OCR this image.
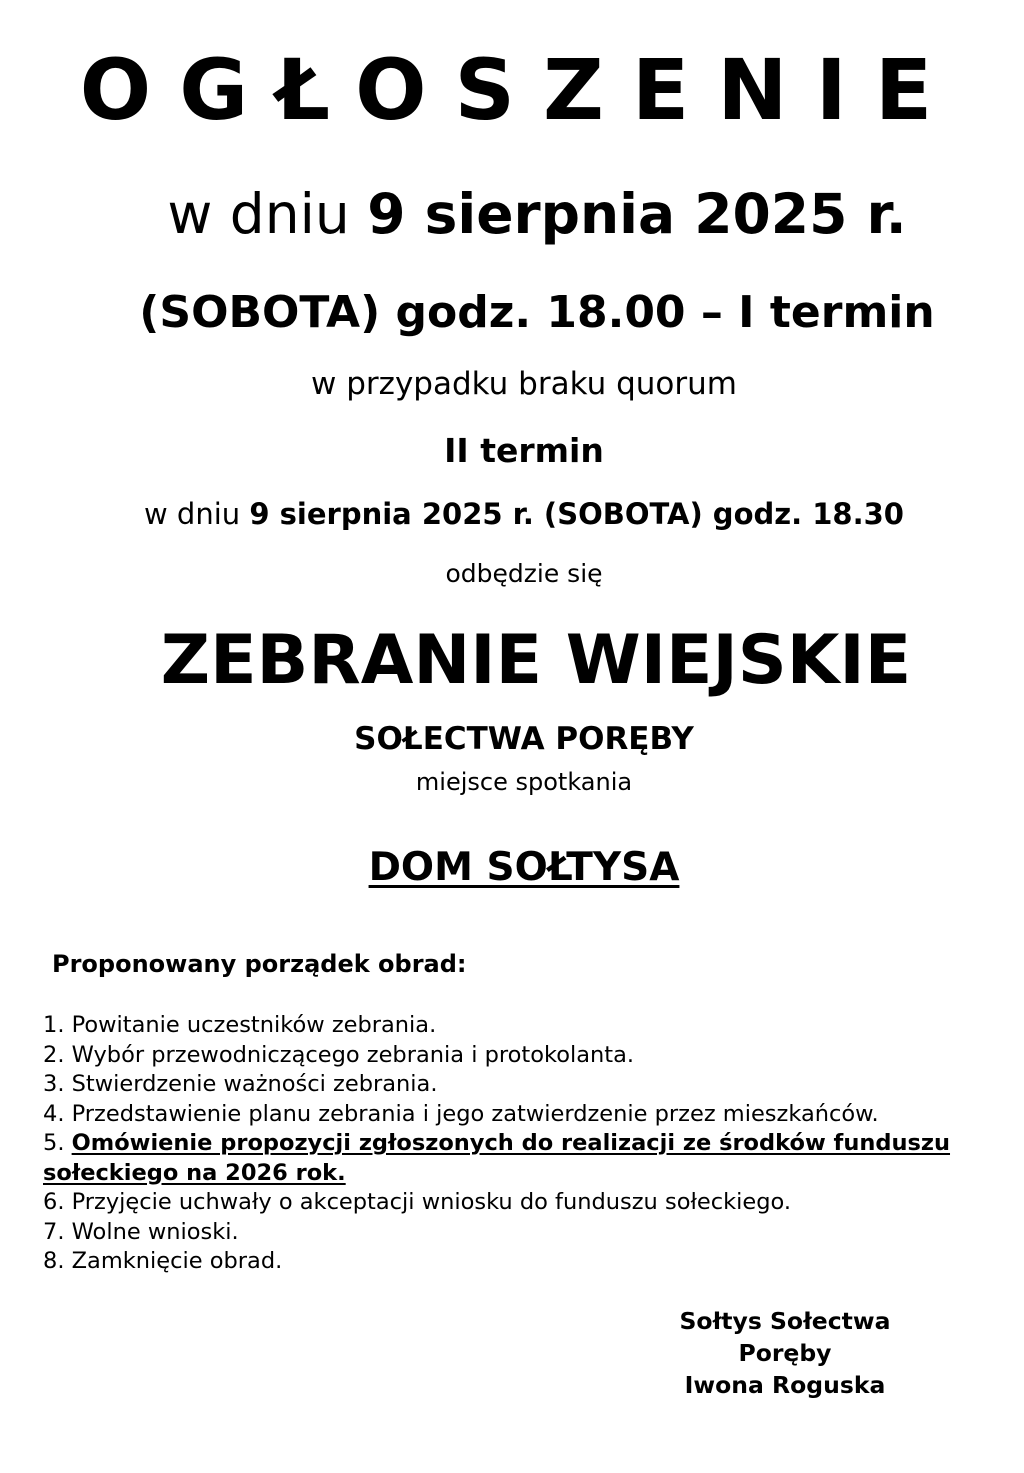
OGŁOSZENIE

w dniu 9 sierpnia 2025 r.

(SOBOTA) godz. 18.00 – I termin

w przypadku braku quorum

II termin

w dniu 9 sierpnia 2025 r. (SOBOTA) godz. 18.30

odbędzie się

ZEBRANIE WIEJSKIE

SOŁECTWA PORĘBY

miejsce spotkania

DOM SOŁTYSA

Proponowany porządek obrad:

1. Powitanie uczestników zebrania.
2. Wybór przewodniczącego zebrania i protokolanta.
3. Stwierdzenie ważności zebrania.
4. Przedstawienie planu zebrania i jego zatwierdzenie przez mieszkańców.
5. Omówienie propozycji zgłoszonych do realizacji ze środków funduszu sołeckiego na 2026 rok.
6. Przyjęcie uchwały o akceptacji wniosku do funduszu sołeckiego.
7. Wolne wnioski.
8. Zamknięcie obrad.
Sołtys Sołectwa
Poręby
Iwona Roguska
